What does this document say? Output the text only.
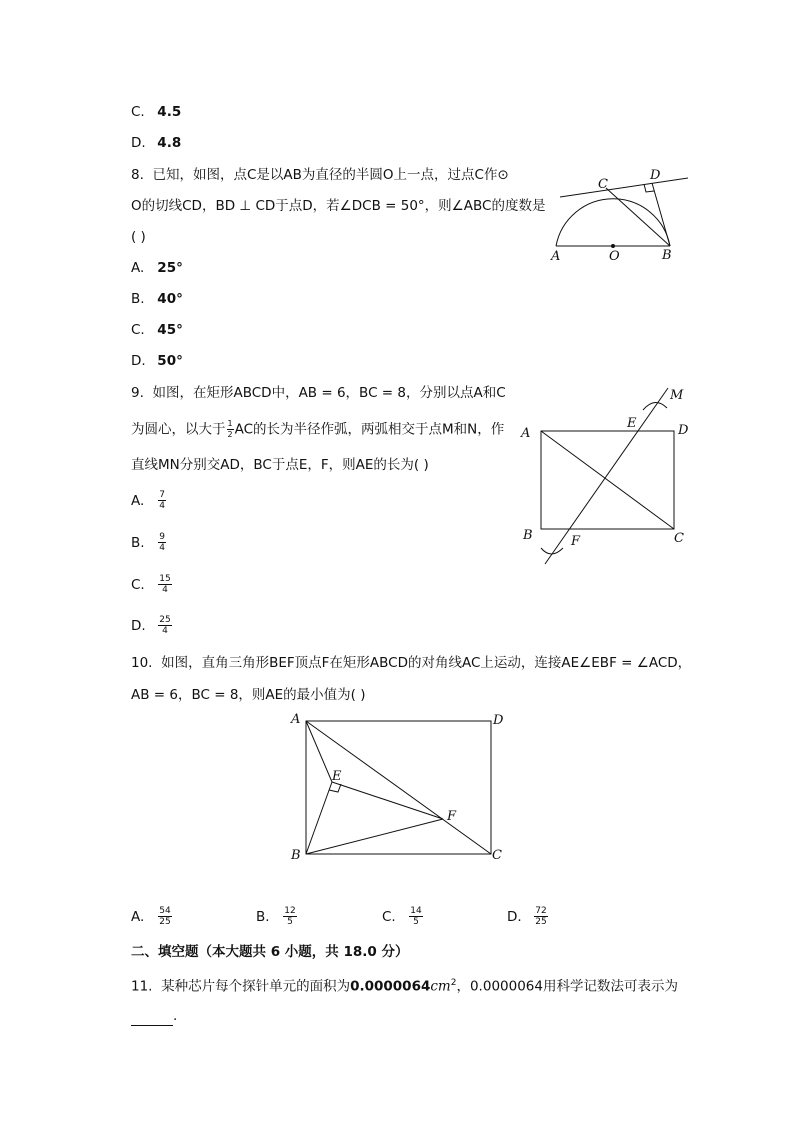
C. 4.5
D. 4.8
8. 已知，如图，点C是以AB为直径的半圆O上一点，过点C作⊙
O的切线CD，BD ⊥ CD于点D，若∠DCB = 50°，则∠ABC的度数是
( )
A. 25°
B. 40°
C. 45°
D. 50°
A	O	B
C
D
9. 如图，在矩形ABCD中，AB = 6，BC = 8，分别以点A和C
为圆心，以大于 $\frac{1}{2}$ AC的长为半径作弧，两弧相交于点M和N，作
直线MN分别交AD，BC于点E，F，则AE的长为( )
A. $\frac{7}{4}$
B. $\frac{9}{4}$
C. $\frac{15}{4}$
D. $\frac{25}{4}$
A	D
B	C
E
F
M
10. 如图，直角三角形BEF顶点F在矩形ABCD的对角线AC上运动，连接AE∠EBF = ∠ACD，
AB = 6，BC = 8，则AE的最小值为( )
A	D
B	C
E
F
A. $\frac{54}{25}$	B. $\frac{12}{5}$	C. $\frac{14}{5}$	D. $\frac{72}{25}$
二、填空题（本大题共 6 小题，共 18.0 分）
11. 某种芯片每个探针单元的面积为$0.0000064cm^2$，0.0000064用科学记数法可表示为
.
